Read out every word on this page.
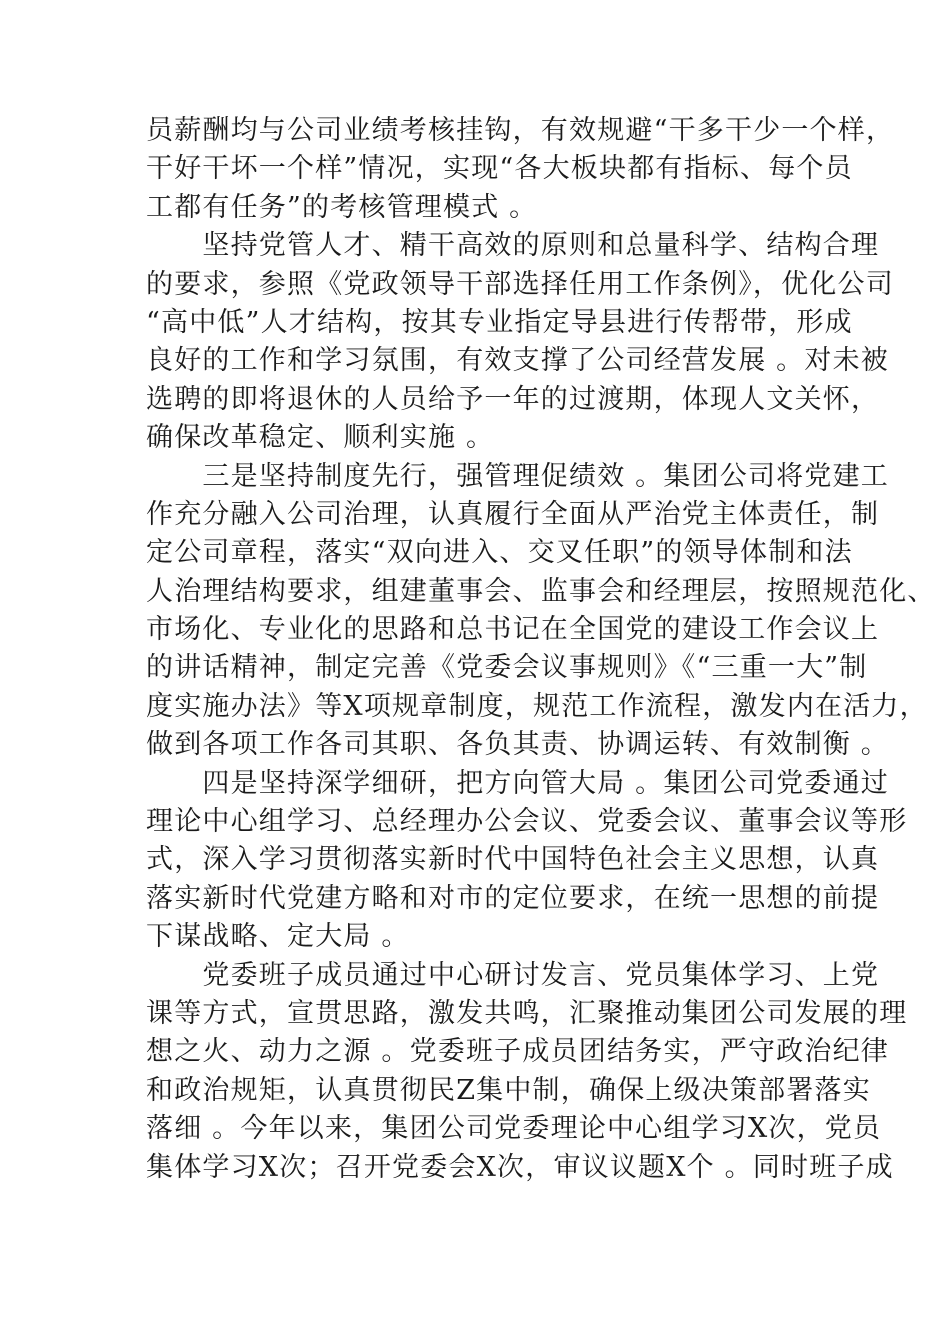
员薪酬均与公司业绩考核挂钩，有效规避“干多干少一个样，
干好干坏一个样”情况，实现“各大板块都有指标、每个员
工都有任务”的考核管理模式 。
　　坚持党管人才、精干高效的原则和总量科学、结构合理
的要求，参照《党政领导干部选择任用工作条例》，优化公司
“高中低”人才结构，按其专业指定导县进行传帮带，形成
良好的工作和学习氛围，有效支撑了公司经营发展 。对未被
选聘的即将退休的人员给予一年的过渡期，体现人文关怀，
确保改革稳定、顺利实施 。
　　三是坚持制度先行，强管理促绩效 。集团公司将党建工
作充分融入公司治理，认真履行全面从严治党主体责任，制
定公司章程，落实“双向进入、交叉任职”的领导体制和法
人治理结构要求，组建董事会、监事会和经理层，按照规范化、
市场化、专业化的思路和总书记在全国党的建设工作会议上
的讲话精神，制定完善《党委会议事规则》《“三重一大”制
度实施办法》等X项规章制度，规范工作流程，激发内在活力，
做到各项工作各司其职、各负其责、协调运转、有效制衡 。
　　四是坚持深学细研，把方向管大局 。集团公司党委通过
理论中心组学习、总经理办公会议、党委会议、董事会议等形
式，深入学习贯彻落实新时代中国特色社会主义思想，认真
落实新时代党建方略和对市的定位要求，在统一思想的前提
下谋战略、定大局 。
　　党委班子成员通过中心研讨发言、党员集体学习、上党
课等方式，宣贯思路，激发共鸣，汇聚推动集团公司发展的理
想之火、动力之源 。党委班子成员团结务实，严守政治纪律
和政治规矩，认真贯彻民Z集中制，确保上级决策部署落实
落细 。今年以来，集团公司党委理论中心组学习X次，党员
集体学习X次；召开党委会X次，审议议题X个 。同时班子成
